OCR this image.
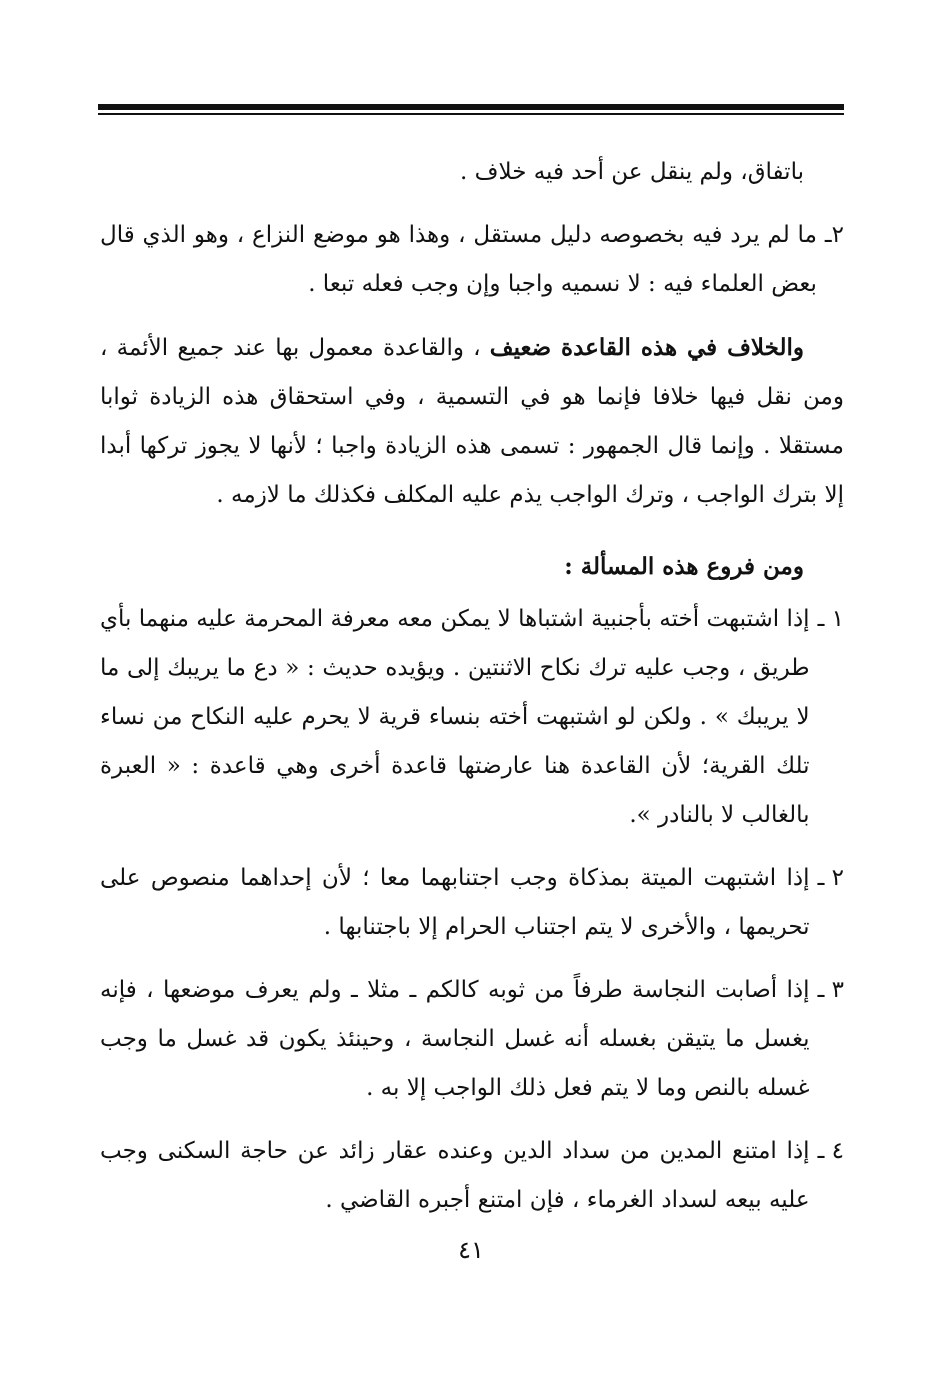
باتفاق، ولم ينقل عن أحد فيه خلاف .

٢ـ
ما لم يرد فيه بخصوصه دليل مستقل ، وهذا هو موضع النزاع ، وهو الذي قال بعض العلماء فيه : لا نسميه واجبا وإن وجب فعله تبعا .

والخلاف في هذه القاعدة ضعيف ، والقاعدة معمول بها عند جميع الأئمة ، ومن نقل فيها خلافا فإنما هو في التسمية ، وفي استحقاق هذه الزيادة ثوابا مستقلا . وإنما قال الجمهور : تسمى هذه الزيادة واجبا ؛ لأنها لا يجوز تركها أبدا إلا بترك الواجب ، وترك الواجب يذم عليه المكلف فكذلك ما لازمه .

ومن فروع هذه المسألة :

١ ـ
إذا اشتبهت أخته بأجنبية اشتباها لا يمكن معه معرفة المحرمة عليه منهما بأي طريق ، وجب عليه ترك نكاح الاثنتين . ويؤيده حديث : « دع ما يريبك إلى ما لا يريبك » . ولكن لو اشتبهت أخته بنساء قرية لا يحرم عليه النكاح من نساء تلك القرية؛ لأن القاعدة هنا عارضتها قاعدة أخرى وهي قاعدة : « العبرة بالغالب لا بالنادر ».
٢ ـ
إذا اشتبهت الميتة بمذكاة وجب اجتنابهما معا ؛ لأن إحداهما منصوص على تحريمها ، والأخرى لا يتم اجتناب الحرام إلا باجتنابها .
٣ ـ
إذا أصابت النجاسة طرفاً من ثوبه كالكم ـ مثلا ـ ولم يعرف موضعها ، فإنه يغسل ما يتيقن بغسله أنه غسل النجاسة ، وحينئذ يكون قد غسل ما وجب غسله بالنص وما لا يتم فعل ذلك الواجب إلا به .
٤ ـ
إذا امتنع المدين من سداد الدين وعنده عقار زائد عن حاجة السكنى وجب عليه بيعه لسداد الغرماء ، فإن امتنع أجبره القاضي .
٤١
